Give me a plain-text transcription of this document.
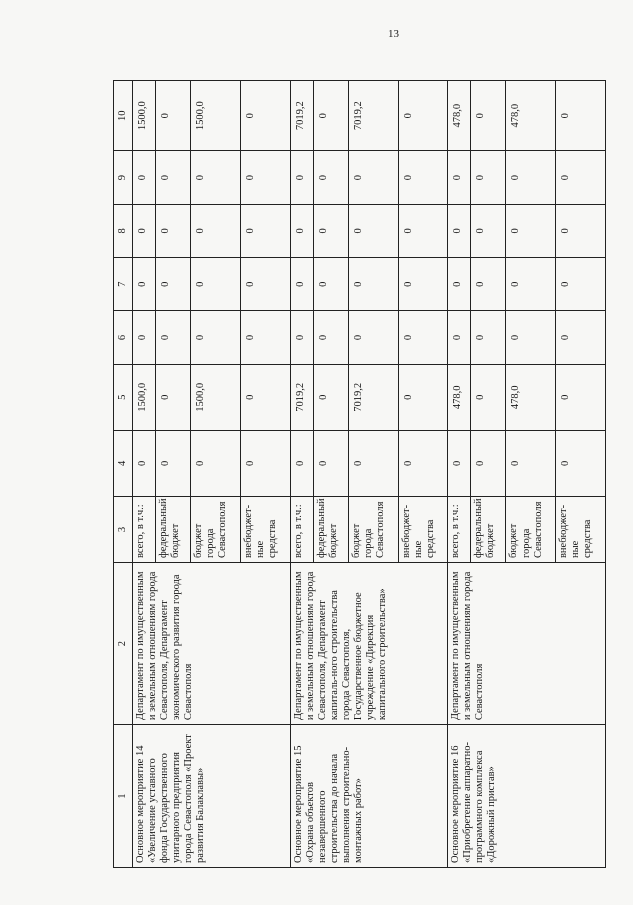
13
1	2	3	4	5	6	7	8	9	10
Основное мероприятие 14 «Увеличение уставного фонда Государственного унитарного предприятия города Севастополя «Проект развития Балаклавы»	Департамент по имущественным и земельным отношениям города Севастополя, Департамент экономического развития города Севастополя	всего, в т.ч.:	0	1500,0	0	0	0	0	1500,0
		федеральный бюджет	0	0	0	0	0	0	0
		бюджет города Севастополя	0	1500,0	0	0	0	0	1500,0
		внебюджет-ные средства	0	0	0	0	0	0	0
Основное мероприятие 15 «Охрана объектов незавершенного строительства до начала выполнения строительно-монтажных работ»	Департамент по имущественным и земельным отношениям города Севастополя, Департамент капиталь-ного строительства города Севастополя, Государственное бюджетное учреждение «Дирекция капитального строительства»	всего, в т.ч.:	0	7019,2	0	0	0	0	7019,2
		федеральный бюджет	0	0	0	0	0	0	0
		бюджет города Севастополя	0	7019,2	0	0	0	0	7019,2
		внебюджет-ные средства	0	0	0	0	0	0	0
Основное мероприятие 16 «Приобретение аппаратно-программного комплекса «Дорожный пристав»	Департамент по имущественным и земельным отношениям города Севастополя	всего, в т.ч.:	0	478,0	0	0	0	0	478,0
		федеральный бюджет	0	0	0	0	0	0	0
		бюджет города Севастополя	0	478,0	0	0	0	0	478,0
		внебюджет-ные средства	0	0	0	0	0	0	0
